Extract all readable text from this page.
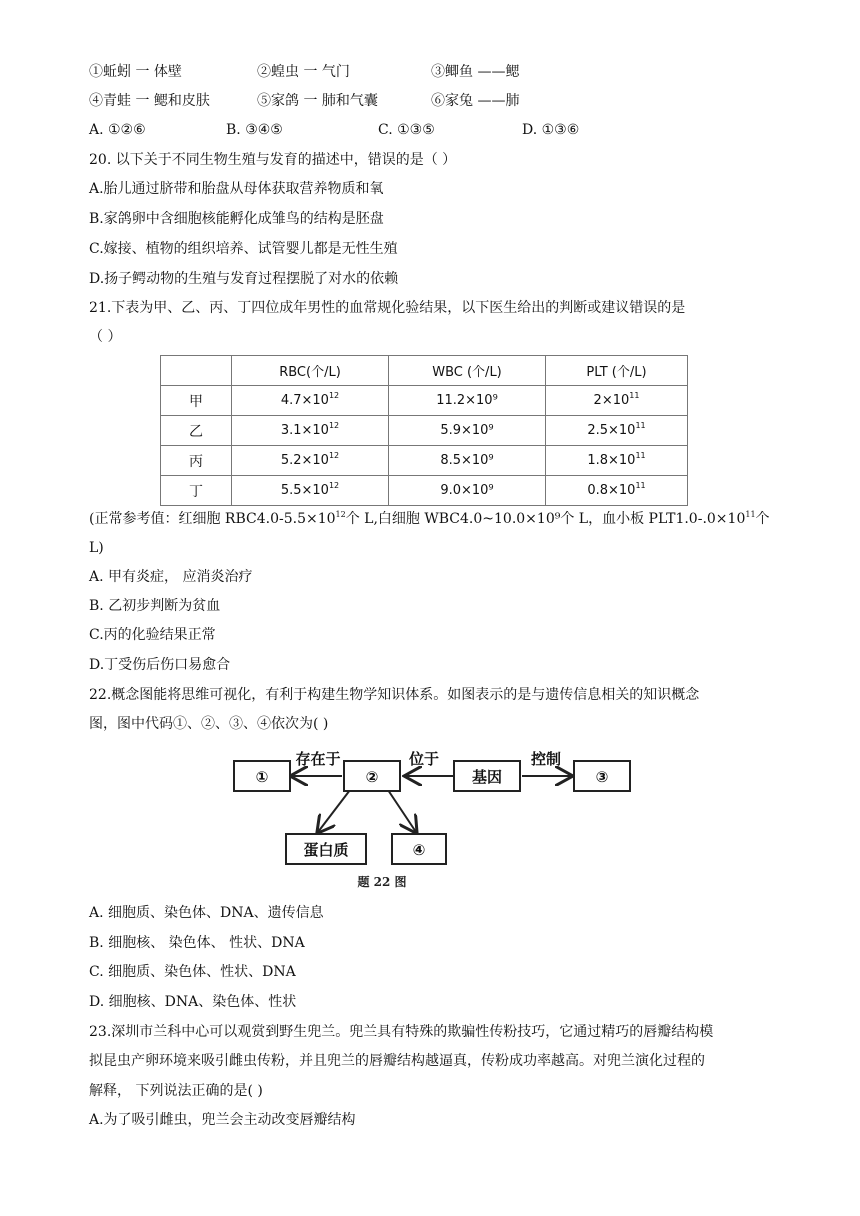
①蚯蚓 一 体壁	②蝗虫 一 气门	③鲫鱼 ——鳃
④青蛙 一 鳃和皮肤	⑤家鸽 一 肺和气囊	⑥家兔 ——肺
A. ①②⑥	B. ③④⑤	C. ①③⑤	D. ①③⑥
20. 以下关于不同生物生殖与发育的描述中，错误的是（ ）
A.胎儿通过脐带和胎盘从母体获取营养物质和氧
B.家鸽卵中含细胞核能孵化成雏鸟的结构是胚盘
C.嫁接、植物的组织培养、试管婴儿都是无性生殖
D.扬子鳄动物的生殖与发育过程摆脱了对水的依赖
21.下表为甲、乙、丙、丁四位成年男性的血常规化验结果，以下医生给出的判断或建议错误的是
（ ）
	RBC(个/L)	WBC (个/L)	PLT (个/L)
甲	$4.7\times 10^{12}$	11.2×10⁹	$2\times 10^{11}$
乙	$3.1\times 10^{12}$	5.9×10⁹	$2.5\times 10^{11}$
丙	$5.2\times 10^{12}$	8.5×10⁹	$1.8\times 10^{11}$
丁	$5.5\times 10^{12}$	9.0×10⁹	$0.8\times 10^{11}$
(正常参考值：红细胞 $RBC4.0-5.5\times 10^{12}$个 L,白细胞 WBC4.0~10.0×10⁹个 L，血小板 $PLT1.0-.0\times 10^{11}$个
L)
A. 甲有炎症， 应消炎治疗
B. 乙初步判断为贫血
C.丙的化验结果正常
D.丁受伤后伤口易愈合
22.概念图能将思维可视化，有利于构建生物学知识体系。如图表示的是与遗传信息相关的知识概念
图，图中代码①、②、③、④依次为( )
①	②	基因	③
蛋白质	④
存在于	位于	控制
题 22 图
A. 细胞质、染色体、DNA、遗传信息
B. 细胞核、 染色体、 性状、DNA
C. 细胞质、染色体、性状、DNA
D. 细胞核、DNA、染色体、性状
23.深圳市兰科中心可以观赏到野生兜兰。兜兰具有特殊的欺骗性传粉技巧，它通过精巧的唇瓣结构模
拟昆虫产卵环境来吸引雌虫传粉，并且兜兰的唇瓣结构越逼真，传粉成功率越高。对兜兰演化过程的
解释， 下列说法正确的是( )
A.为了吸引雌虫，兜兰会主动改变唇瓣结构
